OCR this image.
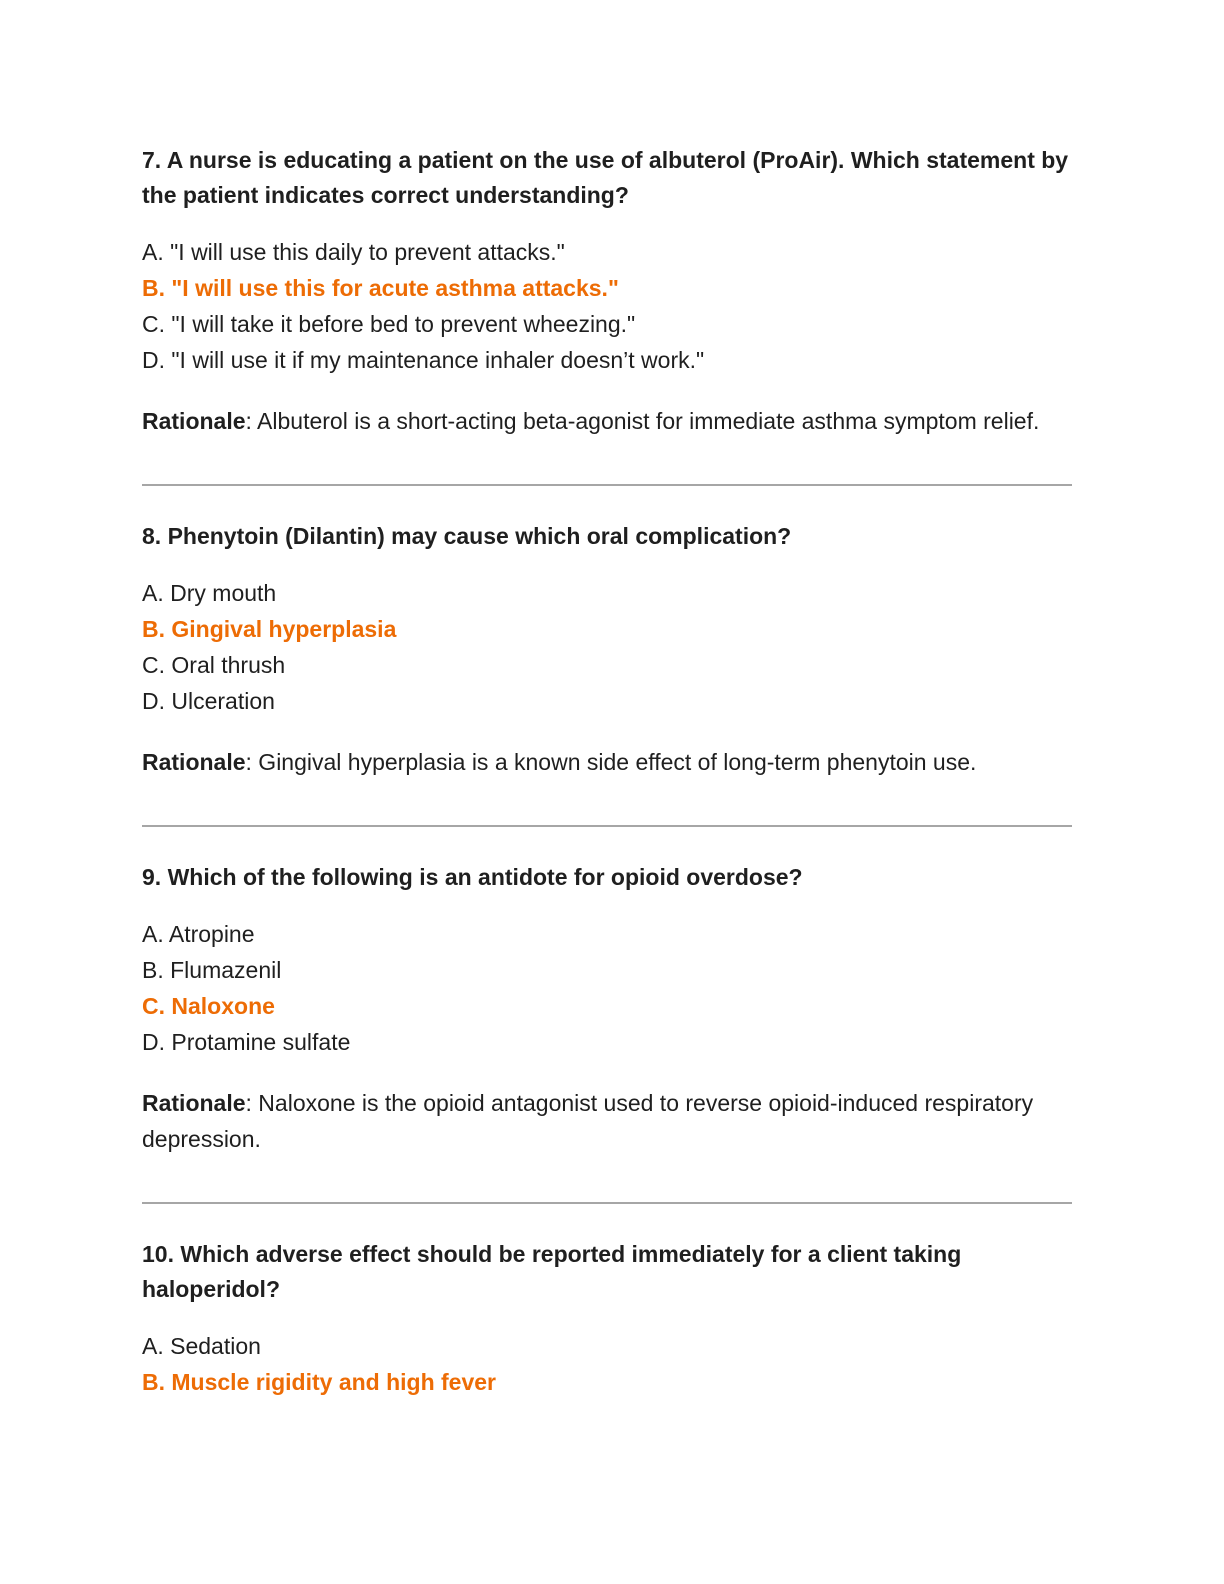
7. A nurse is educating a patient on the use of albuterol (ProAir). Which statement by the patient indicates correct understanding?

A. "I will use this daily to prevent attacks."
B. "I will use this for acute asthma attacks."
C. "I will take it before bed to prevent wheezing."
D. "I will use it if my maintenance inhaler doesn’t work."

Rationale: Albuterol is a short-acting beta-agonist for immediate asthma symptom relief.

8. Phenytoin (Dilantin) may cause which oral complication?

A. Dry mouth
B. Gingival hyperplasia
C. Oral thrush
D. Ulceration

Rationale: Gingival hyperplasia is a known side effect of long-term phenytoin use.

9. Which of the following is an antidote for opioid overdose?

A. Atropine
B. Flumazenil
C. Naloxone
D. Protamine sulfate

Rationale: Naloxone is the opioid antagonist used to reverse opioid-induced respiratory depression.

10. Which adverse effect should be reported immediately for a client taking haloperidol?

A. Sedation
B. Muscle rigidity and high fever
